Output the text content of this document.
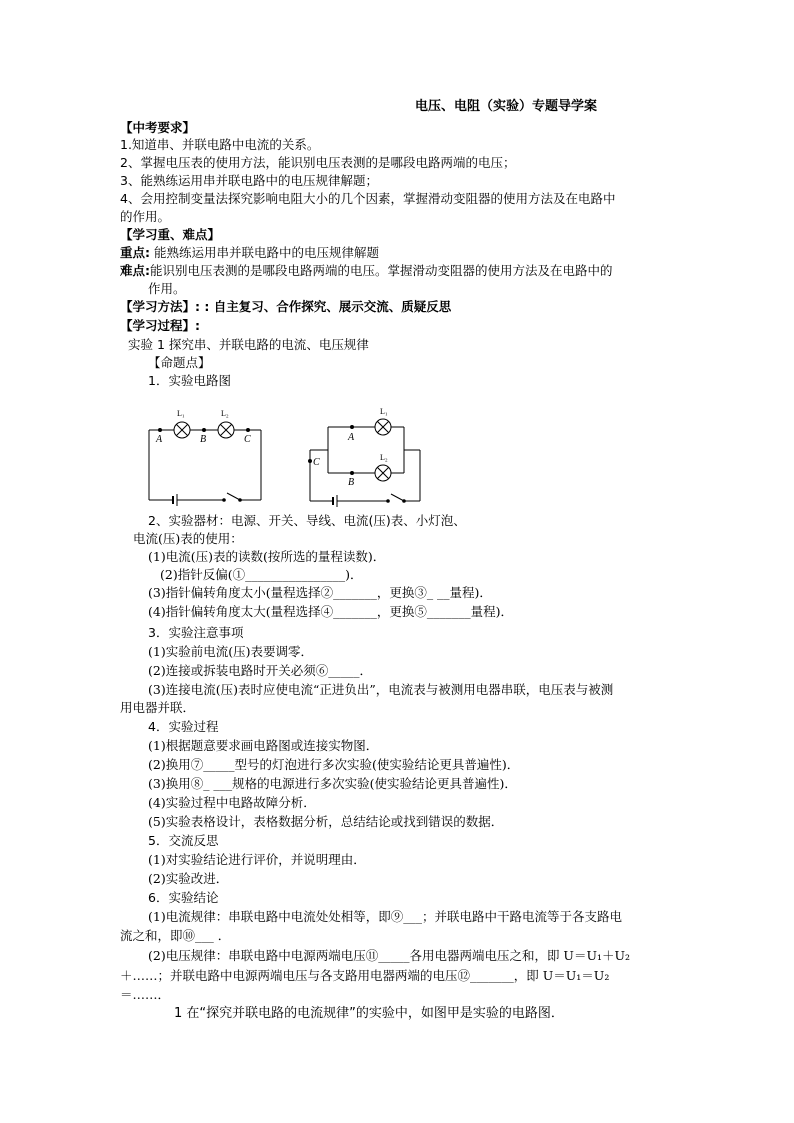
电压、电阻（实验）专题导学案
【中考要求】
1.知道串、并联电路中电流的关系。
2、掌握电压表的使用方法，能识别电压表测的是哪段电路两端的电压；
3、能熟练运用串并联电路中的电压规律解题；
4、会用控制变量法探究影响电阻大小的几个因素，掌握滑动变阻器的使用方法及在电路中
的作用。
【学习重、难点】
重点: 能熟练运用串并联电路中的电压规律解题
难点:能识别电压表测的是哪段电路两端的电压。掌握滑动变阻器的使用方法及在电路中的
作用。
【学习方法】: : 自主复习、合作探究、展示交流、质疑反思
【学习过程】:
实验 1 探究串、并联电路的电流、电压规律
【命题点】
1．实验电路图
L₁	L₂
A	B	C
L₁
L₂
A
B
C
2、实验器材：电源、开关、导线、电流(压)表、小灯泡、
电流(压)表的使用：
(1)电流(压)表的读数(按所选的量程读数)．
(2)指针反偏(①________________)．
(3)指针偏转角度太小(量程选择②_______，更换③_ __量程)．
(4)指针偏转角度太大(量程选择④_______，更换⑤_______量程)．
3．实验注意事项
(1)实验前电流(压)表要调零．
(2)连接或拆装电路时开关必须⑥_____．
(3)连接电流(压)表时应使电流“正进负出”，电流表与被测用电器串联，电压表与被测
用电器并联．
4．实验过程
(1)根据题意要求画电路图或连接实物图．
(2)换用⑦_____型号的灯泡进行多次实验(使实验结论更具普遍性)．
(3)换用⑧_ ___规格的电源进行多次实验(使实验结论更具普遍性)．
(4)实验过程中电路故障分析．
(5)实验表格设计，表格数据分析，总结结论或找到错误的数据．
5．交流反思
(1)对实验结论进行评价，并说明理由．
(2)实验改进．
6．实验结论
(1)电流规律：串联电路中电流处处相等，即⑨___；并联电路中干路电流等于各支路电
流之和，即⑩___ ．
(2)电压规律：串联电路中电源两端电压⑪_____各用电器两端电压之和，即 U＝U₁＋U₂
＋……；并联电路中电源两端电压与各支路用电器两端的电压⑫_______，即 U＝U₁＝U₂
＝……．
1 在“探究并联电路的电流规律”的实验中，如图甲是实验的电路图．
